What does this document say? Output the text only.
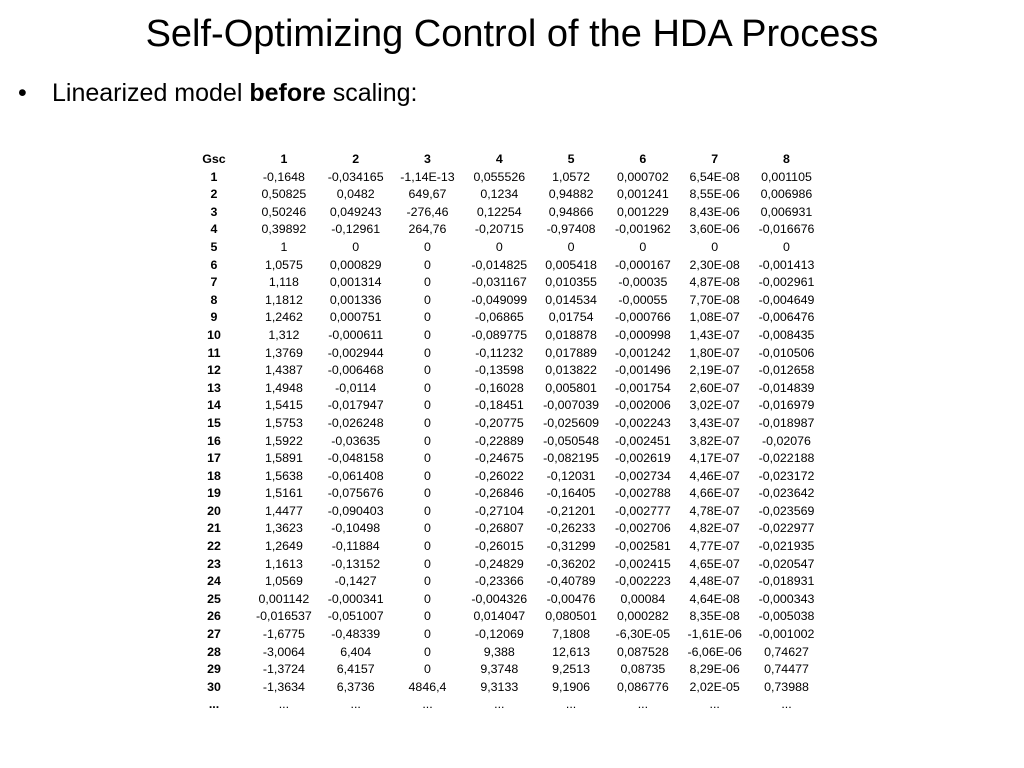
Self-Optimizing Control of the HDA Process
• Linearized model before scaling:
Gsc	1	2	3	4	5	6	7	8
1	-0,1648	-0,034165	-1,14E-13	0,055526	1,0572	0,000702	6,54E-08	0,001105
2	0,50825	0,0482	649,67	0,1234	0,94882	0,001241	8,55E-06	0,006986
3	0,50246	0,049243	-276,46	0,12254	0,94866	0,001229	8,43E-06	0,006931
4	0,39892	-0,12961	264,76	-0,20715	-0,97408	-0,001962	3,60E-06	-0,016676
5	1	0	0	0	0	0	0	0
6	1,0575	0,000829	0	-0,014825	0,005418	-0,000167	2,30E-08	-0,001413
7	1,118	0,001314	0	-0,031167	0,010355	-0,00035	4,87E-08	-0,002961
8	1,1812	0,001336	0	-0,049099	0,014534	-0,00055	7,70E-08	-0,004649
9	1,2462	0,000751	0	-0,06865	0,01754	-0,000766	1,08E-07	-0,006476
10	1,312	-0,000611	0	-0,089775	0,018878	-0,000998	1,43E-07	-0,008435
11	1,3769	-0,002944	0	-0,11232	0,017889	-0,001242	1,80E-07	-0,010506
12	1,4387	-0,006468	0	-0,13598	0,013822	-0,001496	2,19E-07	-0,012658
13	1,4948	-0,0114	0	-0,16028	0,005801	-0,001754	2,60E-07	-0,014839
14	1,5415	-0,017947	0	-0,18451	-0,007039	-0,002006	3,02E-07	-0,016979
15	1,5753	-0,026248	0	-0,20775	-0,025609	-0,002243	3,43E-07	-0,018987
16	1,5922	-0,03635	0	-0,22889	-0,050548	-0,002451	3,82E-07	-0,02076
17	1,5891	-0,048158	0	-0,24675	-0,082195	-0,002619	4,17E-07	-0,022188
18	1,5638	-0,061408	0	-0,26022	-0,12031	-0,002734	4,46E-07	-0,023172
19	1,5161	-0,075676	0	-0,26846	-0,16405	-0,002788	4,66E-07	-0,023642
20	1,4477	-0,090403	0	-0,27104	-0,21201	-0,002777	4,78E-07	-0,023569
21	1,3623	-0,10498	0	-0,26807	-0,26233	-0,002706	4,82E-07	-0,022977
22	1,2649	-0,11884	0	-0,26015	-0,31299	-0,002581	4,77E-07	-0,021935
23	1,1613	-0,13152	0	-0,24829	-0,36202	-0,002415	4,65E-07	-0,020547
24	1,0569	-0,1427	0	-0,23366	-0,40789	-0,002223	4,48E-07	-0,018931
25	0,001142	-0,000341	0	-0,004326	-0,00476	0,00084	4,64E-08	-0,000343
26	-0,016537	-0,051007	0	0,014047	0,080501	0,000282	8,35E-08	-0,005038
27	-1,6775	-0,48339	0	-0,12069	7,1808	-6,30E-05	-1,61E-06	-0,001002
28	-3,0064	6,404	0	9,388	12,613	0,087528	-6,06E-06	0,74627
29	-1,3724	6,4157	0	9,3748	9,2513	0,08735	8,29E-06	0,74477
30	-1,3634	6,3736	4846,4	9,3133	9,1906	0,086776	2,02E-05	0,73988
...	...	...	...	...	...	...	...	...
